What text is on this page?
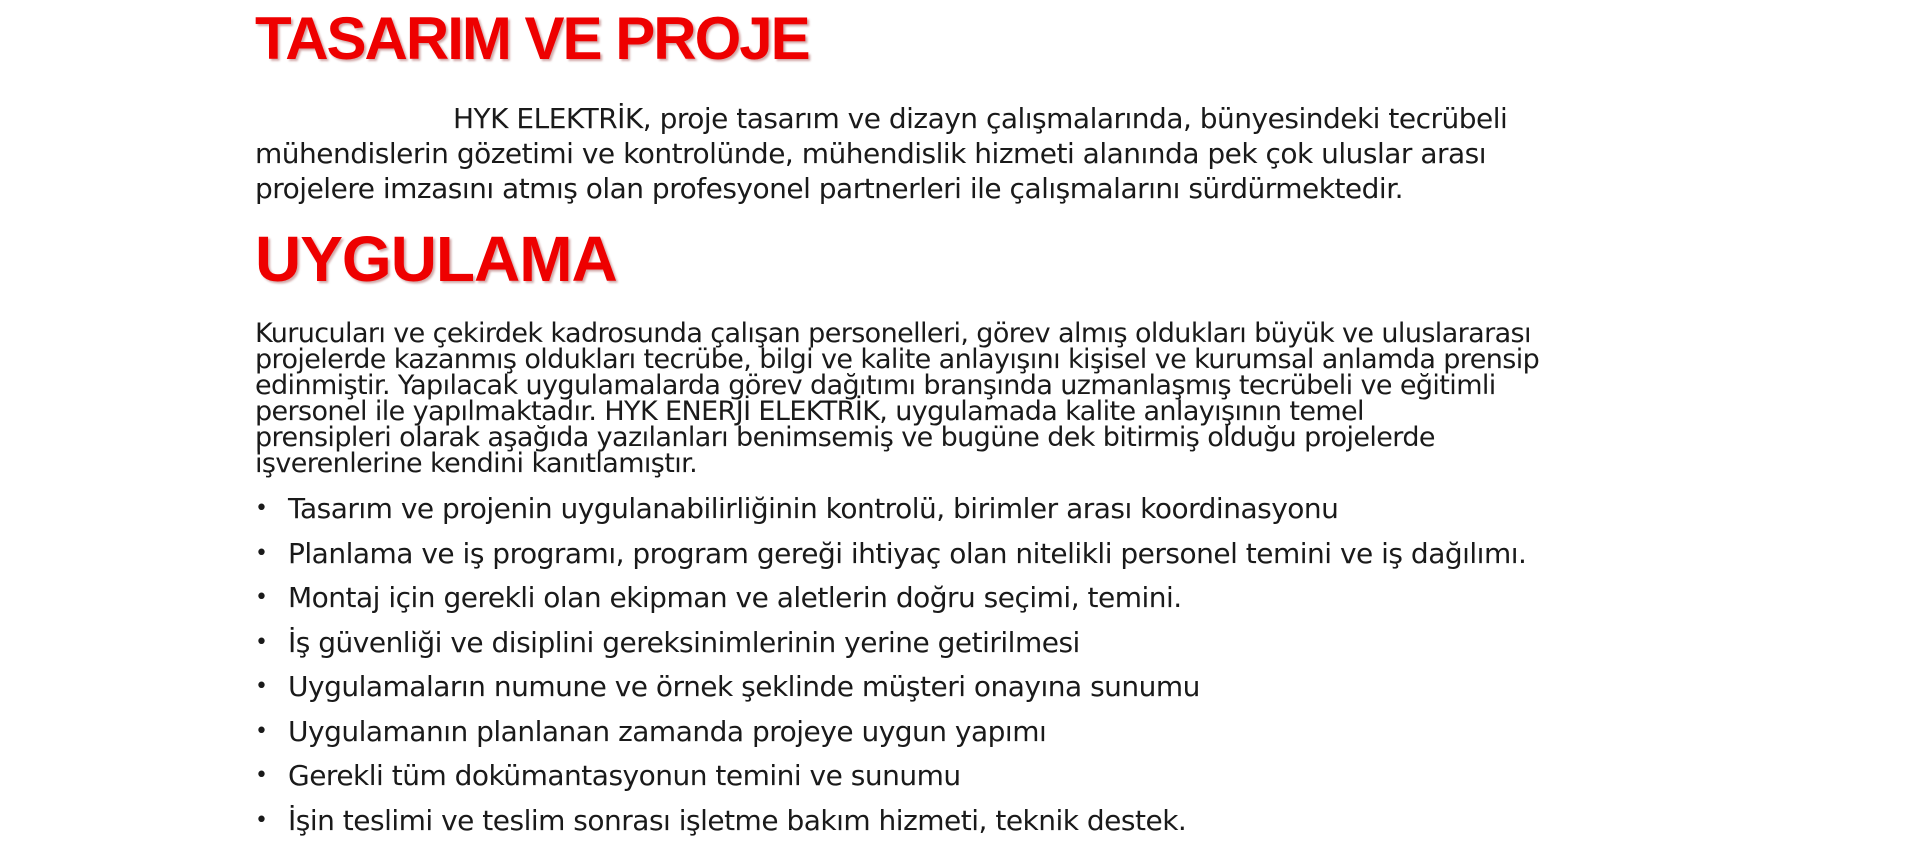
TASARIM VE PROJE

HYK ELEKTRİK, proje tasarım ve dizayn çalışmalarında, bünyesindeki tecrübeli

mühendislerin gözetimi ve kontrolünde, mühendislik hizmeti alanında pek çok uluslar arası

projelere imzasını atmış olan profesyonel partnerleri ile çalışmalarını sürdürmektedir.

UYGULAMA

Kurucuları ve çekirdek kadrosunda çalışan personelleri, görev almış oldukları büyük ve uluslararası

projelerde kazanmış oldukları tecrübe, bilgi ve kalite anlayışını kişisel ve kurumsal anlamda prensip

edinmiştir. Yapılacak uygulamalarda görev dağıtımı branşında uzmanlaşmış tecrübeli ve eğitimli

personel ile yapılmaktadır. HYK ENERJİ ELEKTRİK, uygulamada kalite anlayışının temel

prensipleri olarak aşağıda yazılanları benimsemiş ve bugüne dek bitirmiş olduğu projelerde

işverenlerine kendini kanıtlamıştır.

• Tasarım ve projenin uygulanabilirliğinin kontrolü, birimler arası koordinasyonu
• Planlama ve iş programı, program gereği ihtiyaç olan nitelikli personel temini ve iş dağılımı.
• Montaj için gerekli olan ekipman ve aletlerin doğru seçimi, temini.
• İş güvenliği ve disiplini gereksinimlerinin yerine getirilmesi
• Uygulamaların numune ve örnek şeklinde müşteri onayına sunumu
• Uygulamanın planlanan zamanda projeye uygun yapımı
• Gerekli tüm dokümantasyonun temini ve sunumu
• İşin teslimi ve teslim sonrası işletme bakım hizmeti, teknik destek.
